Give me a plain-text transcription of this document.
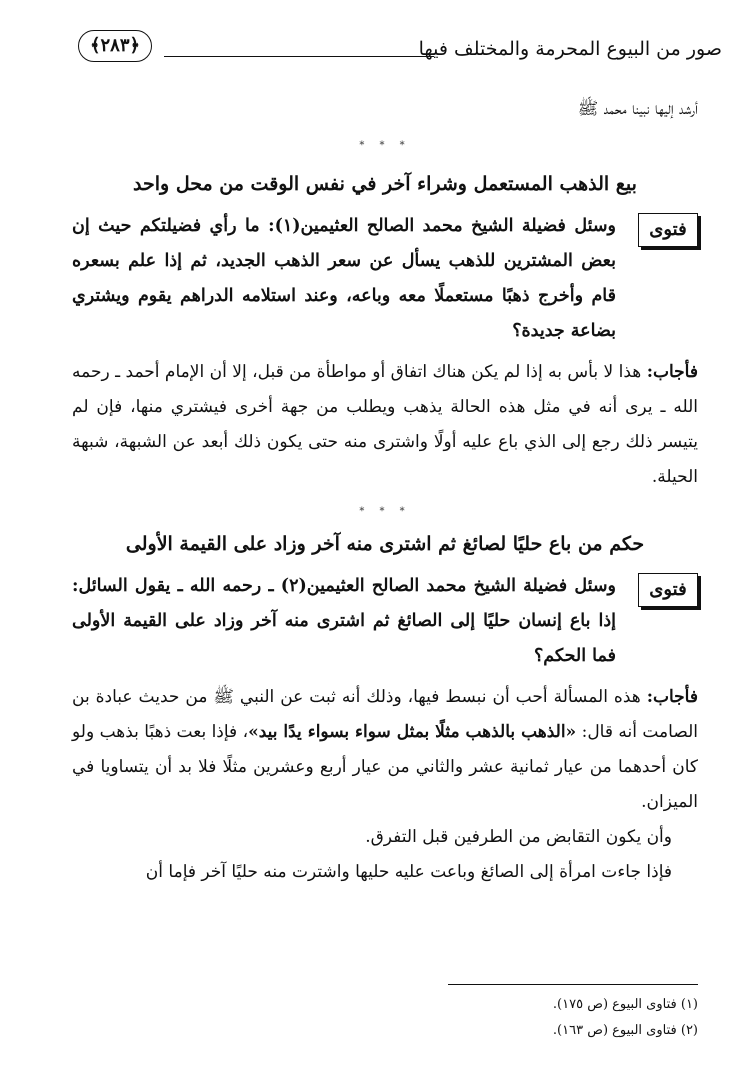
صور من البيوع المحرمة والمختلف فيها
﴿٢٨٣﴾

أرشد إليها نبينا محمد ﷺ

* * *
بيع الذهب المستعمل وشراء آخر في نفس الوقت من محل واحد
فتوى

وسئل فضيلة الشيخ محمد الصالح العثيمين(١): ما رأي فضيلتكم حيث إن بعض المشترين للذهب يسأل عن سعر الذهب الجديد، ثم إذا علم بسعره قام وأخرج ذهبًا مستعملًا معه وباعه، وعند استلامه الدراهم يقوم ويشتري بضاعة جديدة؟

فأجاب: هذا لا بأس به إذا لم يكن هناك اتفاق أو مواطأة من قبل، إلا أن الإمام أحمد ـ رحمه الله ـ يرى أنه في مثل هذه الحالة يذهب ويطلب من جهة أخرى فيشتري منها، فإن لم يتيسر ذلك رجع إلى الذي باع عليه أولًا واشترى منه حتى يكون ذلك أبعد عن الشبهة، شبهة الحيلة.

* * *
حكم من باع حليًا لصائغ ثم اشترى منه آخر وزاد على القيمة الأولى
فتوى

وسئل فضيلة الشيخ محمد الصالح العثيمين(٢) ـ رحمه الله ـ يقول السائل: إذا باع إنسان حليًا إلى الصائغ ثم اشترى منه آخر وزاد على القيمة الأولى فما الحكم؟

فأجاب: هذه المسألة أحب أن نبسط فيها، وذلك أنه ثبت عن النبي ﷺ من حديث عبادة بن الصامت أنه قال: «الذهب بالذهب مثلًا بمثل سواء بسواء يدًا بيد»، فإذا بعت ذهبًا بذهب ولو كان أحدهما من عيار ثمانية عشر والثاني من عيار أربع وعشرين مثلًا فلا بد أن يتساويا في الميزان.

وأن يكون التقابض من الطرفين قبل التفرق.

فإذا جاءت امرأة إلى الصائغ وباعت عليه حليها واشترت منه حليًا آخر فإما أن

(١) فتاوى البيوع (ص ١٧٥).
(٢) فتاوى البيوع (ص ١٦٣).
